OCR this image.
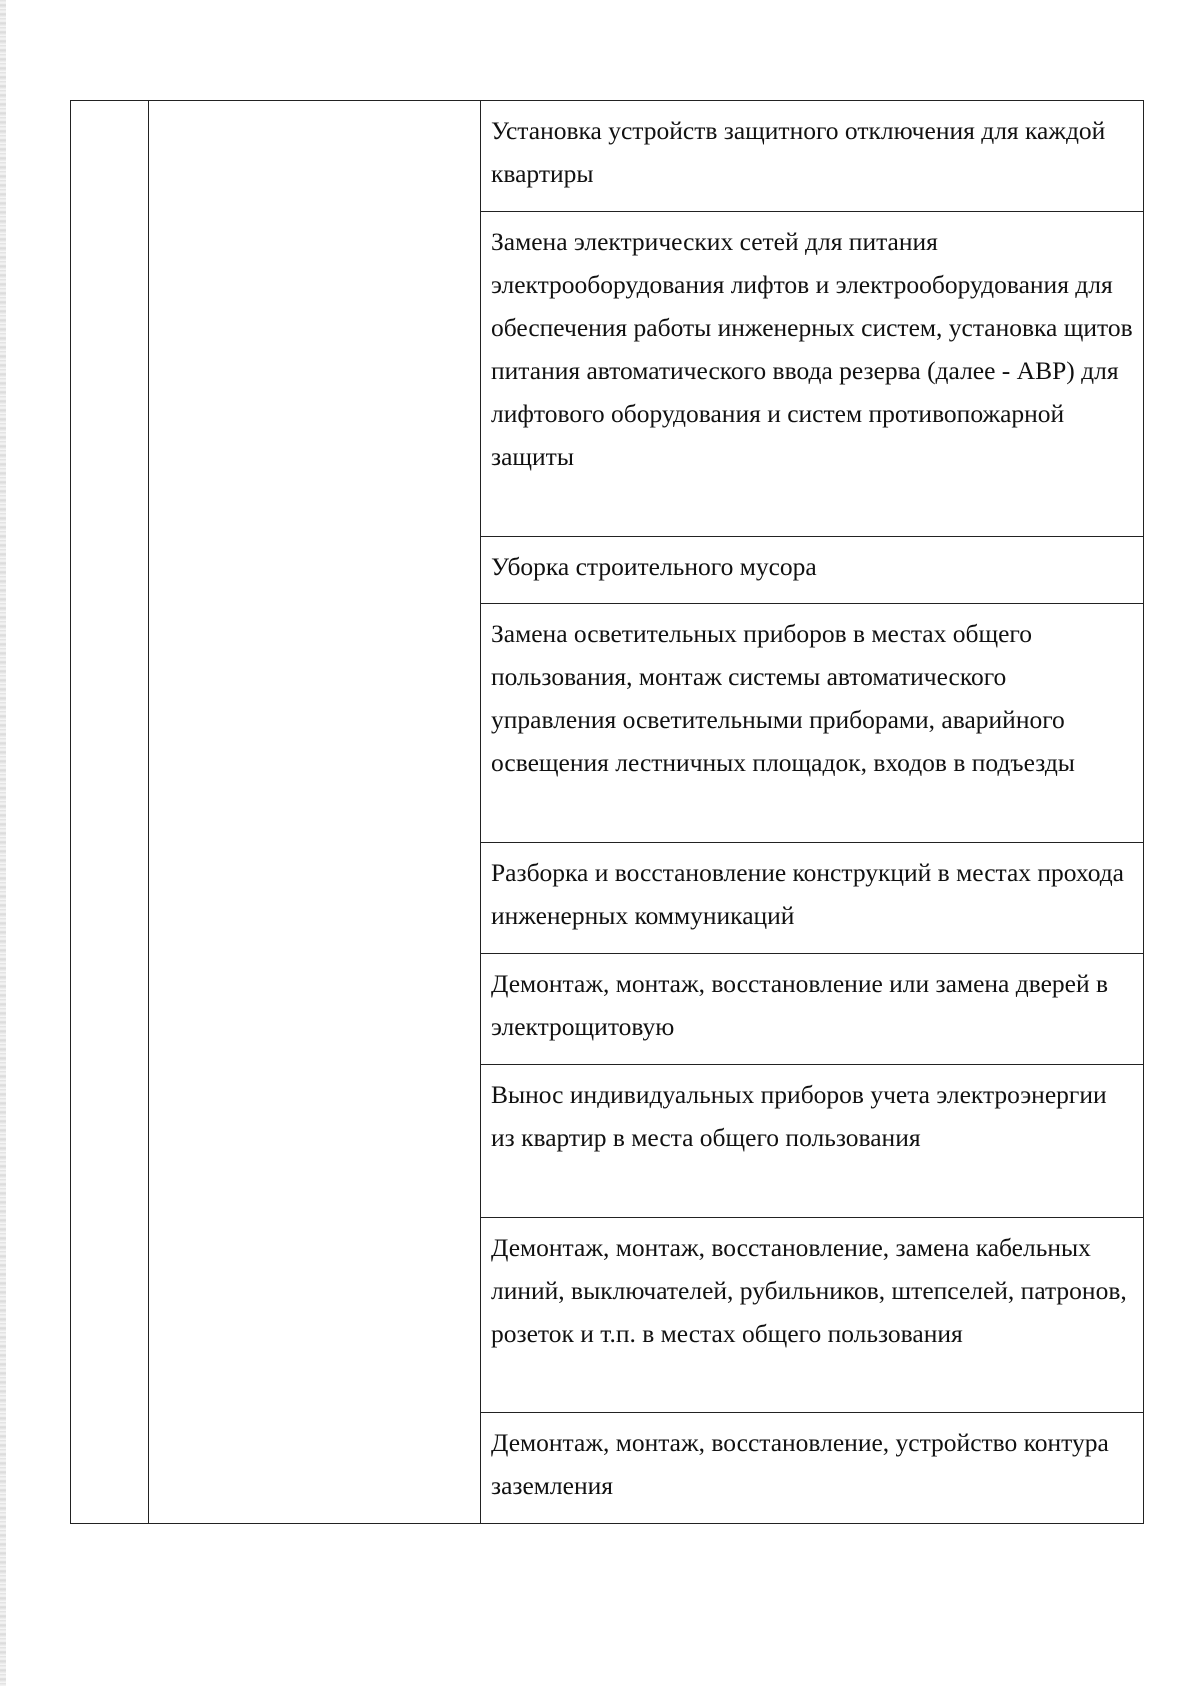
Установка устройств защитного отключения для каждой квартиры

Замена электрических сетей для питания электрооборудования лифтов и электрооборудования для обеспечения работы инженерных систем, установка щитов питания автоматического ввода резерва (далее - АВР) для лифтового оборудования и систем противопожарной защиты

Уборка строительного мусора

Замена осветительных приборов в местах общего пользования, монтаж системы автоматического управления осветительными приборами, аварийного освещения лестничных площадок, входов в подъезды

Разборка и восстановление конструкций в местах прохода инженерных коммуникаций

Демонтаж, монтаж, восстановление или замена дверей в электрощитовую

Вынос индивидуальных приборов учета электроэнергии из квартир в места общего пользования

Демонтаж, монтаж, восстановление, замена кабельных линий, выключателей, рубильников, штепселей, патронов, розеток и т.п. в местах общего пользования

Демонтаж, монтаж, восстановление, устройство контура заземления
